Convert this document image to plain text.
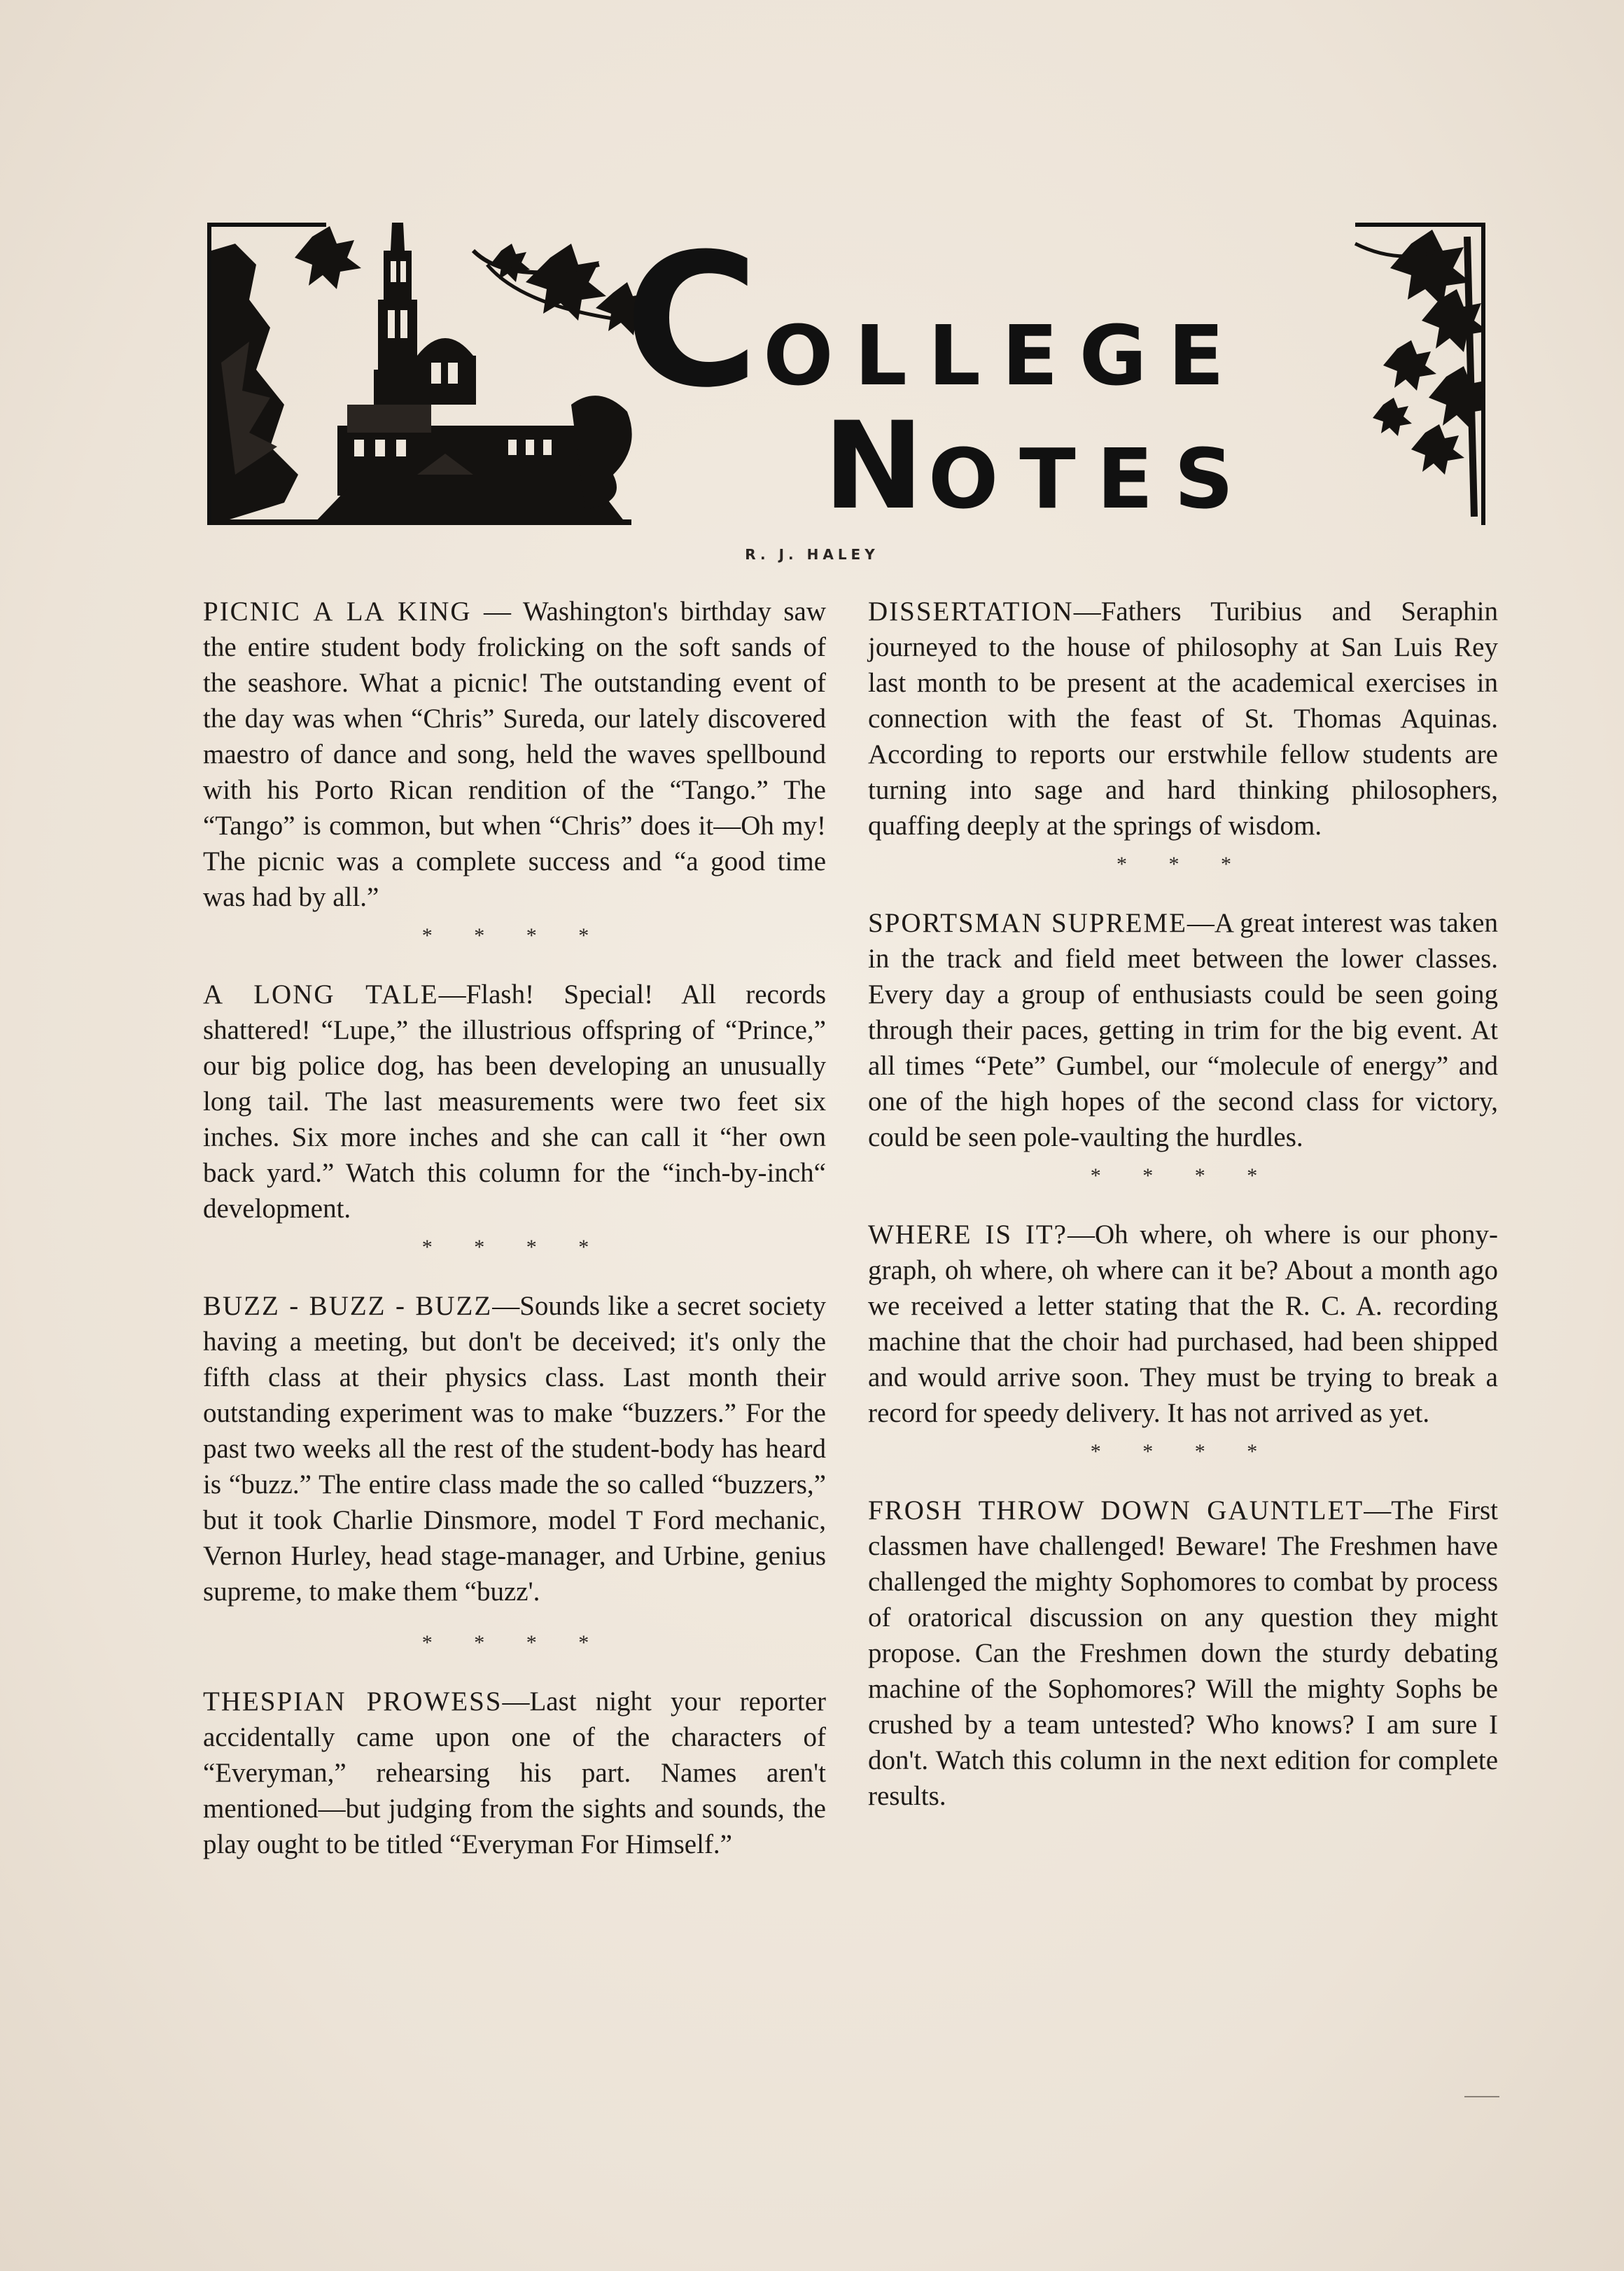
COLLEGE
NOTES
R. J. HALEY

PICNIC A LA KING — Washington's birthday saw the entire student body frolicking on the soft sands of the seashore. What a picnic! The outstanding event of the day was when “Chris” Sureda, our lately discovered maestro of dance and song, held the waves spellbound with his Porto Rican rendition of the “Tango.” The “Tango” is common, but when “Chris” does it—Oh my! The picnic was a complete success and “a good time was had by all.”

* * * *

A LONG TALE—Flash! Special! All records shattered! “Lupe,” the illustrious offspring of “Prince,” our big police dog, has been developing an unusually long tail. The last measurements were two feet six inches. Six more inches and she can call it “her own back yard.” Watch this column for the “inch-by-inch“ development.

* * * *

BUZZ - BUZZ - BUZZ—Sounds like a secret society having a meeting, but don't be deceived; it's only the fifth class at their physics class. Last month their outstanding experiment was to make “buzzers.” For the past two weeks all the rest of the student-body has heard is “buzz.” The entire class made the so called “buzzers,” but it took Charlie Dinsmore, model T Ford mechanic, Vernon Hurley, head stage-manager, and Urbine, genius supreme, to make them “buzz'.

* * * *

THESPIAN PROWESS—Last night your reporter accidentally came upon one of the characters of “Everyman,” rehearsing his part. Names aren't mentioned—but judging from the sights and sounds, the play ought to be titled “Everyman For Himself.”

DISSERTATION—Fathers Turibius and Seraphin journeyed to the house of philosophy at San Luis Rey last month to be present at the academical exercises in connection with the feast of St. Thomas Aquinas. According to reports our erstwhile fellow students are turning into sage and hard thinking philosophers, quaffing deeply at the springs of wisdom.

* * *

SPORTSMAN SUPREME—A great interest was taken in the track and field meet between the lower classes. Every day a group of enthusiasts could be seen going through their paces, getting in trim for the big event. At all times “Pete” Gumbel, our “molecule of energy” and one of the high hopes of the second class for victory, could be seen pole-vaulting the hurdles.

* * * *

WHERE IS IT?—Oh where, oh where is our phony-graph, oh where, oh where can it be? About a month ago we received a letter stating that the R. C. A. recording machine that the choir had purchased, had been shipped and would arrive soon. They must be trying to break a record for speedy delivery. It has not arrived as yet.

* * * *

FROSH THROW DOWN GAUNTLET—The First classmen have challenged! Beware! The Freshmen have challenged the mighty Sophomores to combat by process of oratorical discussion on any question they might propose. Can the Freshmen down the sturdy debating machine of the Sophomores? Will the mighty Sophs be crushed by a team untested? Who knows? I am sure I don't. Watch this column in the next edition for complete results.
